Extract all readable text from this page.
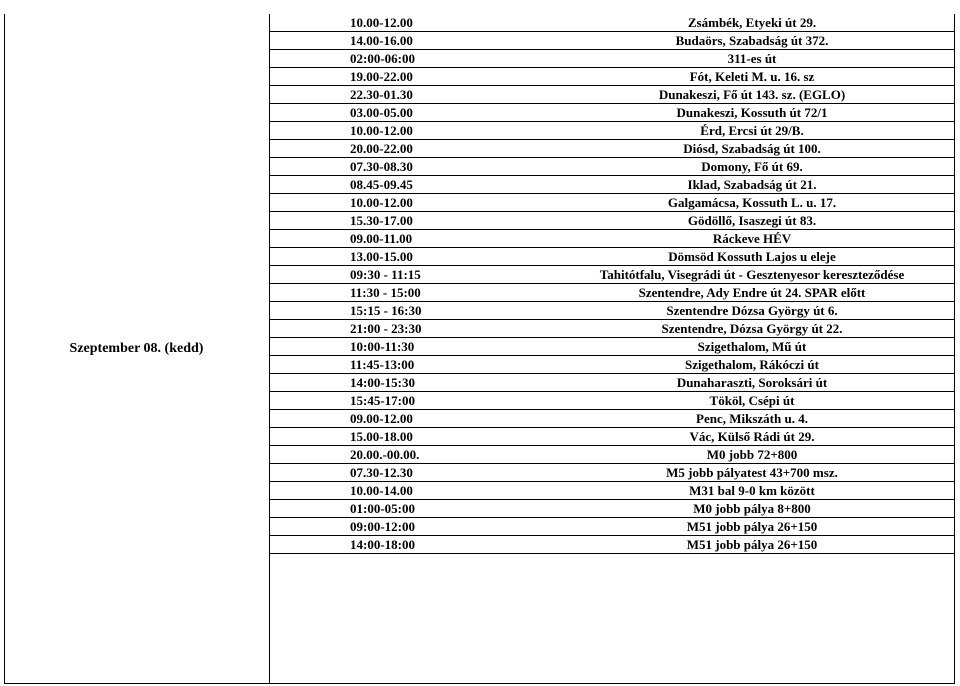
Szeptember 08. (kedd)
10.00-12.00	Zsámbék, Etyeki út 29.
14.00-16.00	Budaörs, Szabadság út 372.
02:00-06:00	311-es út
19.00-22.00	Fót, Keleti M. u. 16. sz
22.30-01.30	Dunakeszi, Fő út 143. sz. (EGLO)
03.00-05.00	Dunakeszi, Kossuth út 72/1
10.00-12.00	Érd, Ercsi út 29/B.
20.00-22.00	Diósd, Szabadság út 100.
07.30-08.30	Domony, Fő út 69.
08.45-09.45	Iklad, Szabadság út 21.
10.00-12.00	Galgamácsa, Kossuth L. u. 17.
15.30-17.00	Gödöllő, Isaszegi út 83.
09.00-11.00	Ráckeve HÉV
13.00-15.00	Dömsöd Kossuth Lajos u eleje
09:30 - 11:15	Tahitótfalu, Visegrádi út - Gesztenyesor kereszteződése
11:30 - 15:00	Szentendre, Ady Endre út 24. SPAR előtt
15:15 - 16:30	Szentendre Dózsa György út 6.
21:00 - 23:30	Szentendre, Dózsa György út 22.
10:00-11:30	Szigethalom, Mű út
11:45-13:00	Szigethalom, Rákóczi út
14:00-15:30	Dunaharaszti, Soroksári út
15:45-17:00	Tököl, Csépi út
09.00-12.00	Penc, Mikszáth u. 4.
15.00-18.00	Vác, Külső Rádi út 29.
20.00.-00.00.	M0 jobb 72+800
07.30-12.30	M5 jobb pályatest 43+700 msz.
10.00-14.00	M31 bal 9-0 km között
01:00-05:00	M0 jobb pálya 8+800
09:00-12:00	M51 jobb pálya 26+150
14:00-18:00	M51 jobb pálya 26+150
